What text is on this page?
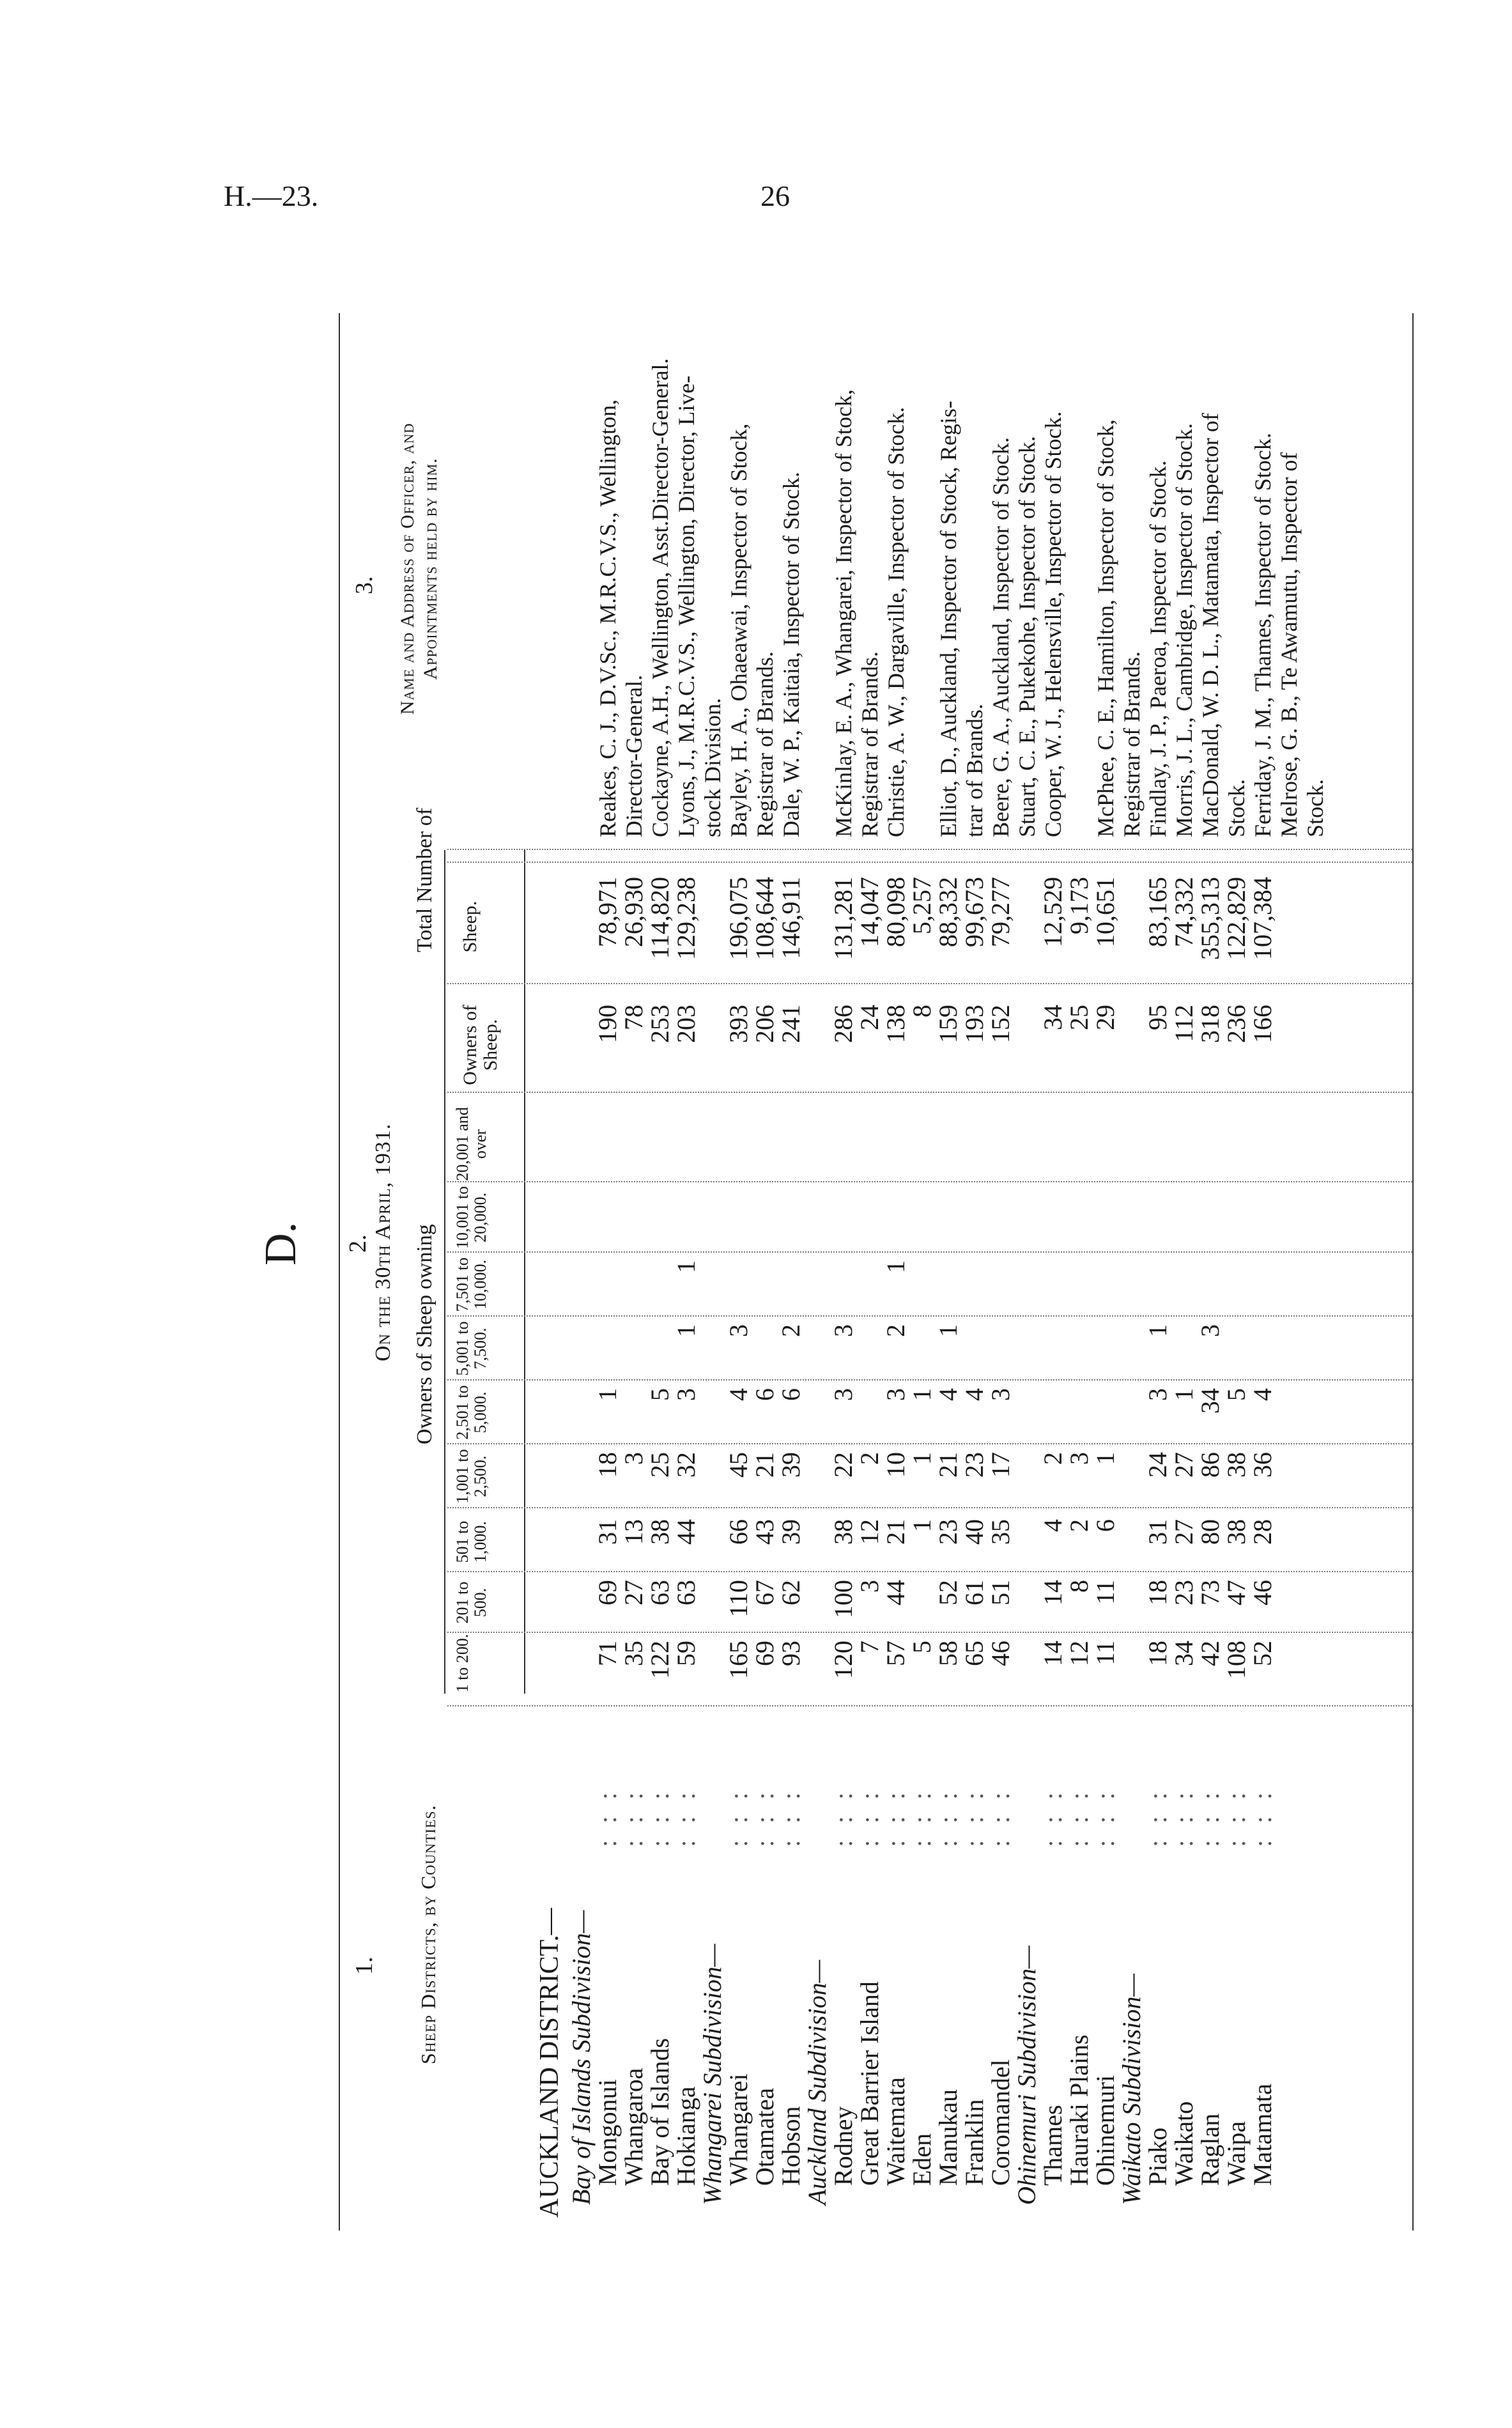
H.—23.	26
D.
1. Sheep Districts, by Counties.
2. On the 30th April, 1931. Owners of Sheep owning
Total Number of
3. Name and Address of Officer, and Appointments held by him.
1 to 200.
201 to 500.
501 to 1,000.
1,001 to 2,500.
2,501 to 5,000.
5,001 to 7,500.
7,501 to 10,000.
10,001 to 20,000.
20,001 and over
Owners of Sheep.
Sheep.
AUCKLAND DISTRICT.— Bay of Islands Subdivision—
Mongonui
: : :
71
69
31
18
1
190
78,971
Reakes, C. J., D.V.Sc., M.R.C.V.S., Wellington,
Whangaroa
: : :
35
27
13
3
78
26,930
Director-General.
Bay of Islands
: : :
122
63
38
25
5
253
114,820
Cockayne, A.H., Wellington, Asst.Director-General.
Hokianga
: : :
59
63
44
32
3
1
1
203
129,238
Lyons, J., M.R.C.V.S., Wellington, Director, Live-
Whangarei Subdivision—
stock Division.
Whangarei
: : :
165
110
66
45
4
3
393
196,075
Bayley, H. A., Ohaeawai, Inspector of Stock,
Otamatea
: : :
69
67
43
21
6
206
108,644
Registrar of Brands.
Hobson
: : :
93
62
39
39
6
2
241
146,911
Dale, W. P., Kaitaia, Inspector of Stock.
Auckland Subdivision—
Rodney
: : :
120
100
38
22
3
3
286
131,281
McKinlay, E. A., Whangarei, Inspector of Stock,
Great Barrier Island
: : :
7
3
12
2
24
14,047
Registrar of Brands.
Waitemata
: : :
57
44
21
10
3
2
1
138
80,098
Christie, A. W., Dargaville, Inspector of Stock.
Eden
: : :
5
1
1
1
8
5,257
Manukau
: : :
58
52
23
21
4
1
159
88,332
Elliot, D., Auckland, Inspector of Stock, Regis-
Franklin
: : :
65
61
40
23
4
193
99,673
trar of Brands.
Coromandel
: : :
46
51
35
17
3
152
79,277
Beere, G. A., Auckland, Inspector of Stock.
Ohinemuri Subdivision—
Stuart, C. E., Pukekohe, Inspector of Stock.
Thames
: : :
14
14
4
2
34
12,529
Cooper, W. J., Helensville, Inspector of Stock.
Hauraki Plains
: : :
12
8
2
3
25
9,173
Ohinemuri
: : :
11
11
6
1
29
10,651
McPhee, C. E., Hamilton, Inspector of Stock,
Waikato Subdivision—
Registrar of Brands.
Piako
: : :
18
18
31
24
3
1
95
83,165
Findlay, J. P., Paeroa, Inspector of Stock.
Waikato
: : :
34
23
27
27
1
112
74,332
Morris, J. L., Cambridge, Inspector of Stock.
Raglan
: : :
42
73
80
86
34
3
318
355,313
MacDonald, W. D. L., Matamata, Inspector of
Waipa
: : :
108
47
38
38
5
236
122,829
Stock.
Matamata
: : :
52
46
28
36
4
166
107,384
Ferriday, J. M., Thames, Inspector of Stock. Melrose, G. B., Te Awamutu, Inspector of Stock.
